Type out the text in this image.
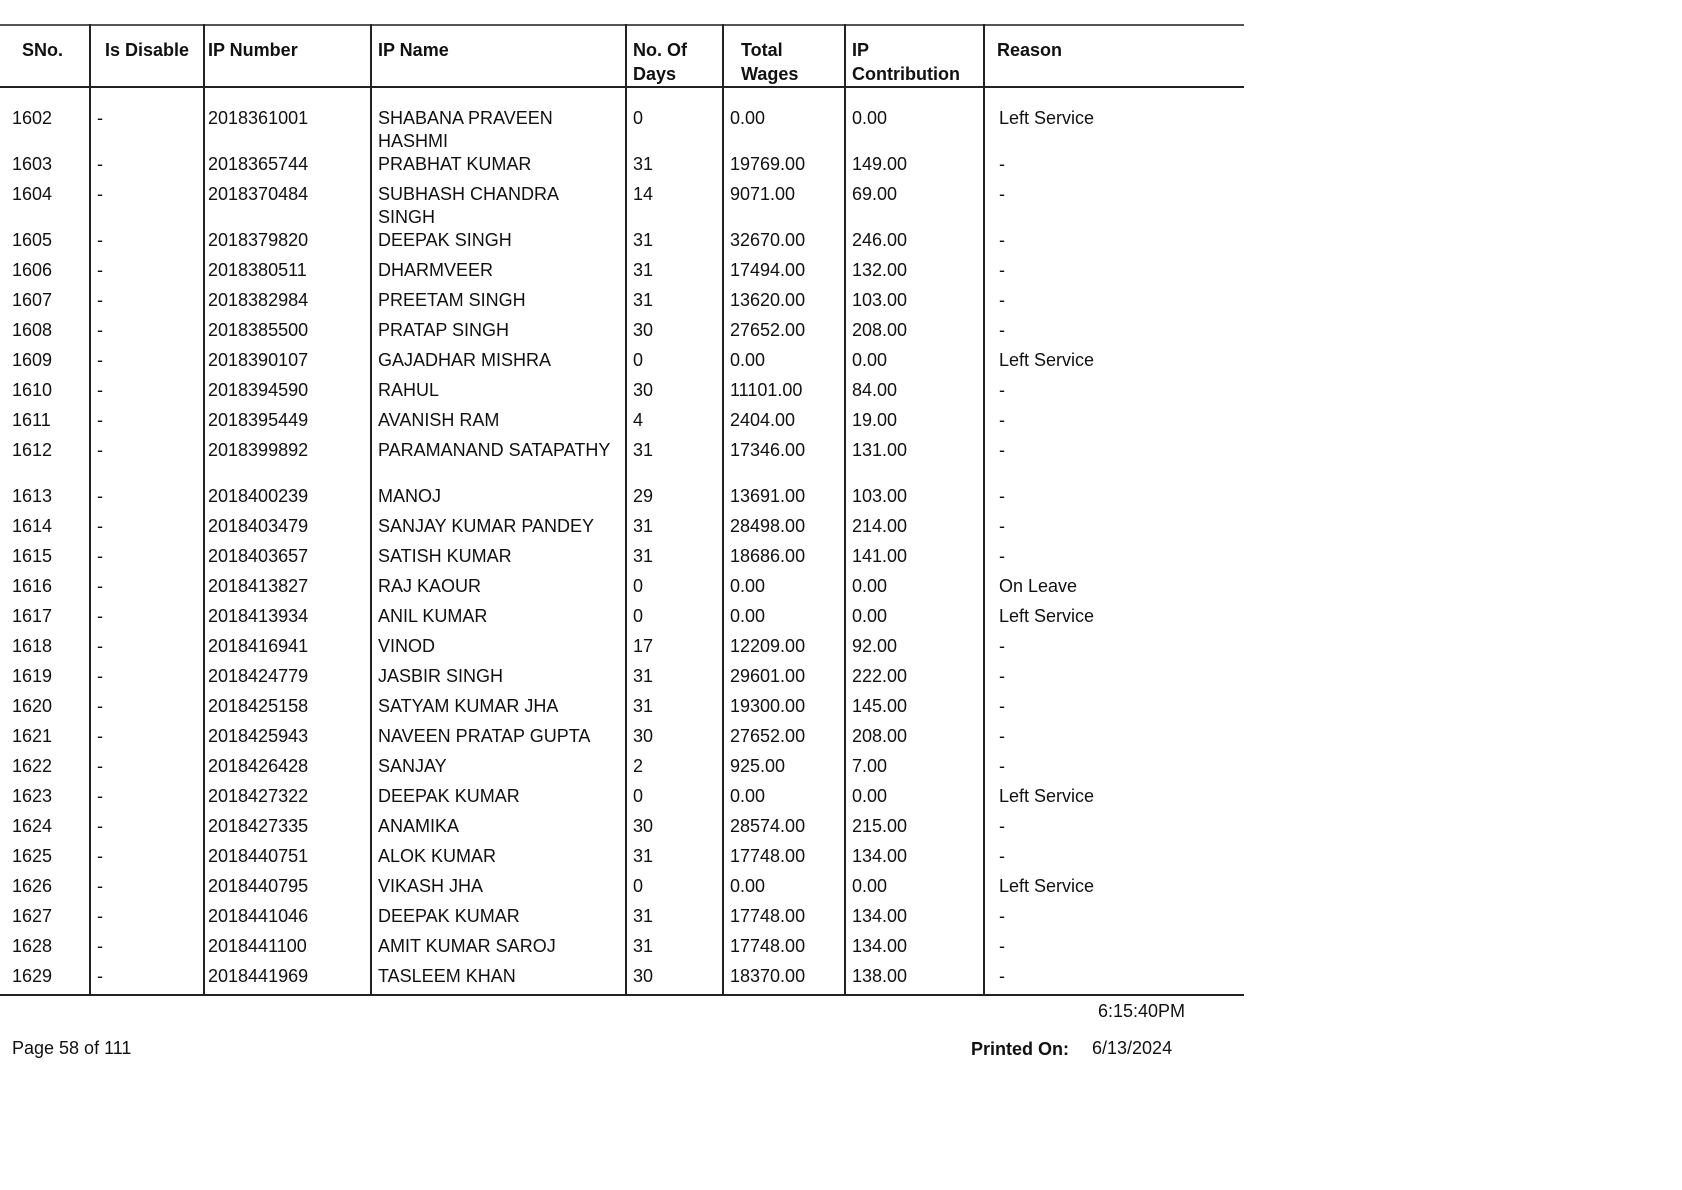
SNo.	Is Disable	IP Number	IP Name	No. Of Days	Total Wages	IP Contribution	Reason

1602	-	2018361001	SHABANA PRAVEEN HASHMI	0	0.00	0.00	Left Service
1603	-	2018365744	PRABHAT KUMAR	31	19769.00	149.00	-
1604	-	2018370484	SUBHASH CHANDRA SINGH	14	9071.00	69.00	-
1605	-	2018379820	DEEPAK SINGH	31	32670.00	246.00	-
1606	-	2018380511	DHARMVEER	31	17494.00	132.00	-
1607	-	2018382984	PREETAM SINGH	31	13620.00	103.00	-
1608	-	2018385500	PRATAP SINGH	30	27652.00	208.00	-
1609	-	2018390107	GAJADHAR MISHRA	0	0.00	0.00	Left Service
1610	-	2018394590	RAHUL	30	11101.00	84.00	-
1611	-	2018395449	AVANISH RAM	4	2404.00	19.00	-
1612	-	2018399892	PARAMANAND SATAPATHY	31	17346.00	131.00	-
1613	-	2018400239	MANOJ	29	13691.00	103.00	-
1614	-	2018403479	SANJAY KUMAR PANDEY	31	28498.00	214.00	-
1615	-	2018403657	SATISH KUMAR	31	18686.00	141.00	-
1616	-	2018413827	RAJ KAOUR	0	0.00	0.00	On Leave
1617	-	2018413934	ANIL KUMAR	0	0.00	0.00	Left Service
1618	-	2018416941	VINOD	17	12209.00	92.00	-
1619	-	2018424779	JASBIR SINGH	31	29601.00	222.00	-
1620	-	2018425158	SATYAM KUMAR JHA	31	19300.00	145.00	-
1621	-	2018425943	NAVEEN PRATAP GUPTA	30	27652.00	208.00	-
1622	-	2018426428	SANJAY	2	925.00	7.00	-
1623	-	2018427322	DEEPAK KUMAR	0	0.00	0.00	Left Service
1624	-	2018427335	ANAMIKA	30	28574.00	215.00	-
1625	-	2018440751	ALOK KUMAR	31	17748.00	134.00	-
1626	-	2018440795	VIKASH JHA	0	0.00	0.00	Left Service
1627	-	2018441046	DEEPAK KUMAR	31	17748.00	134.00	-
1628	-	2018441100	AMIT KUMAR SAROJ	31	17748.00	134.00	-
1629	-	2018441969	TASLEEM KHAN	30	18370.00	138.00	-
6:15:40PM
Page 58 of 111	Printed On: 6/13/2024
